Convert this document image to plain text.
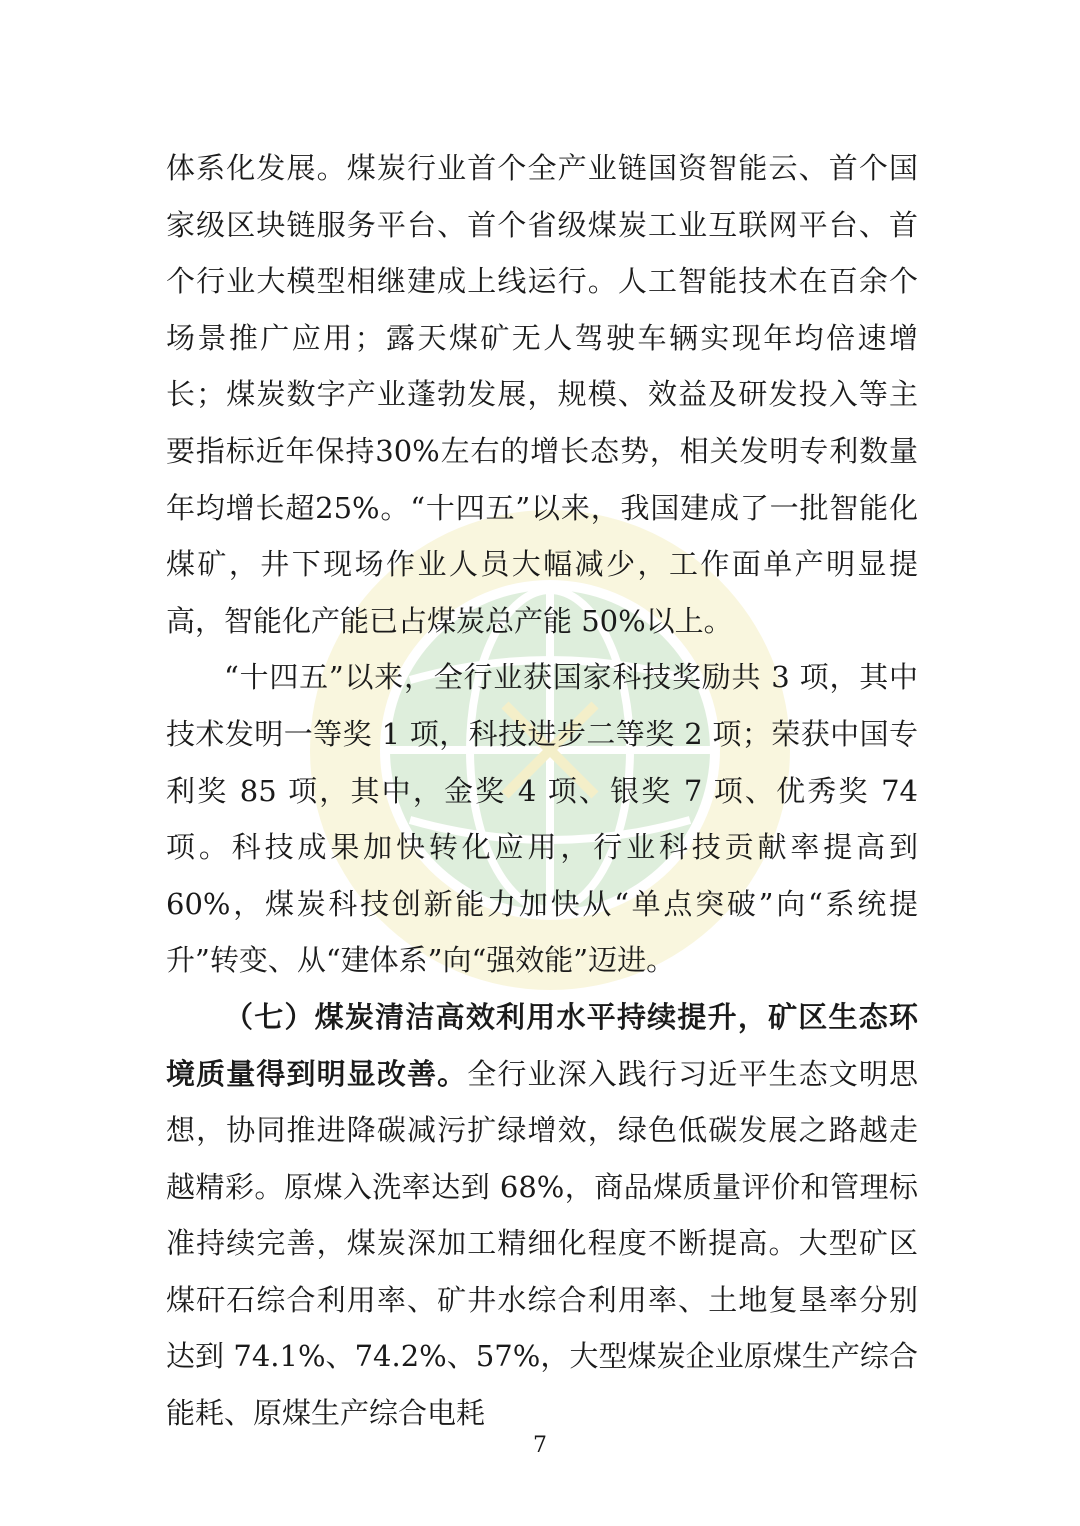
体系化发展。煤炭行业首个全产业链国资智能云、首个国家级区块链服务平台、首个省级煤炭工业互联网平台、首个行业大模型相继建成上线运行。人工智能技术在百余个场景推广应用；露天煤矿无人驾驶车辆实现年均倍速增长；煤炭数字产业蓬勃发展，规模、效益及研发投入等主要指标近年保持30%左右的增长态势，相关发明专利数量年均增长超25%。“十四五”以来，我国建成了一批智能化煤矿，井下现场作业人员大幅减少，工作面单产明显提高，智能化产能已占煤炭总产能 50%以上。

“十四五”以来，全行业获国家科技奖励共 3 项，其中技术发明一等奖 1 项，科技进步二等奖 2 项；荣获中国专利奖 85 项，其中，金奖 4 项、银奖 7 项、优秀奖 74 项。科技成果加快转化应用，行业科技贡献率提高到 60%，煤炭科技创新能力加快从“单点突破”向“系统提升”转变、从“建体系”向“强效能”迈进。

（七）煤炭清洁高效利用水平持续提升，矿区生态环境质量得到明显改善。全行业深入践行习近平生态文明思想，协同推进降碳减污扩绿增效，绿色低碳发展之路越走越精彩。原煤入洗率达到 68%，商品煤质量评价和管理标准持续完善，煤炭深加工精细化程度不断提高。大型矿区煤矸石综合利用率、矿井水综合利用率、土地复垦率分别达到 74.1%、74.2%、57%，大型煤炭企业原煤生产综合能耗、原煤生产综合电耗

7
